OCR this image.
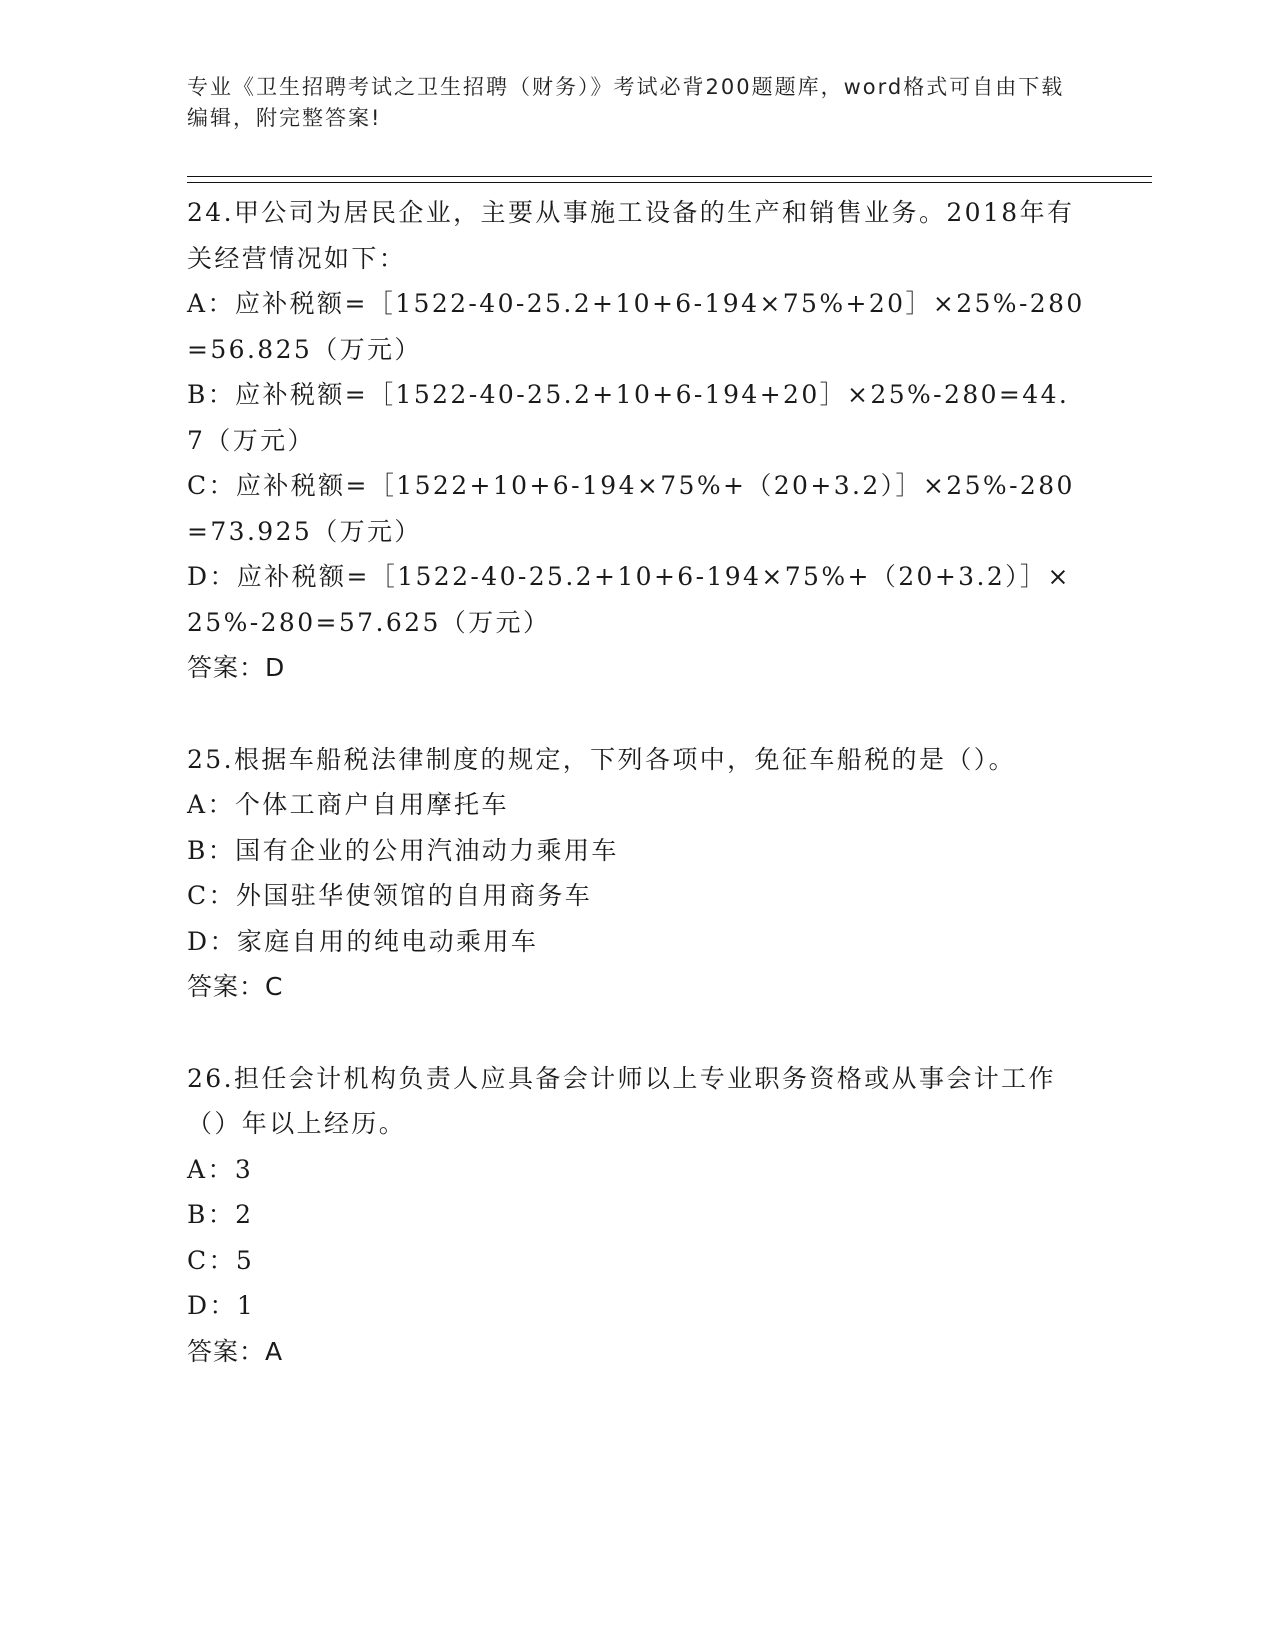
专业《卫生招聘考试之卫生招聘（财务）》考试必背200题题库，word格式可自由下载编辑，附完整答案!
24.甲公司为居民企业，主要从事施工设备的生产和销售业务。2018年有关经营情况如下：
A：应补税额=［1522-40-25.2+10+6-194×75%+20］×25%-280=56.825（万元）
B：应补税额=［1522-40-25.2+10+6-194+20］×25%-280=44.7（万元）
C：应补税额=［1522+10+6-194×75%+（20+3.2）］×25%-280=73.925（万元）
D：应补税额=［1522-40-25.2+10+6-194×75%+（20+3.2）］×25%-280=57.625（万元）
答案：D
25.根据车船税法律制度的规定，下列各项中，免征车船税的是（）。
A：个体工商户自用摩托车
B：国有企业的公用汽油动力乘用车
C：外国驻华使领馆的自用商务车
D：家庭自用的纯电动乘用车
答案：C
26.担任会计机构负责人应具备会计师以上专业职务资格或从事会计工作（）年以上经历。
A：3
B：2
C：5
D：1
答案：A
